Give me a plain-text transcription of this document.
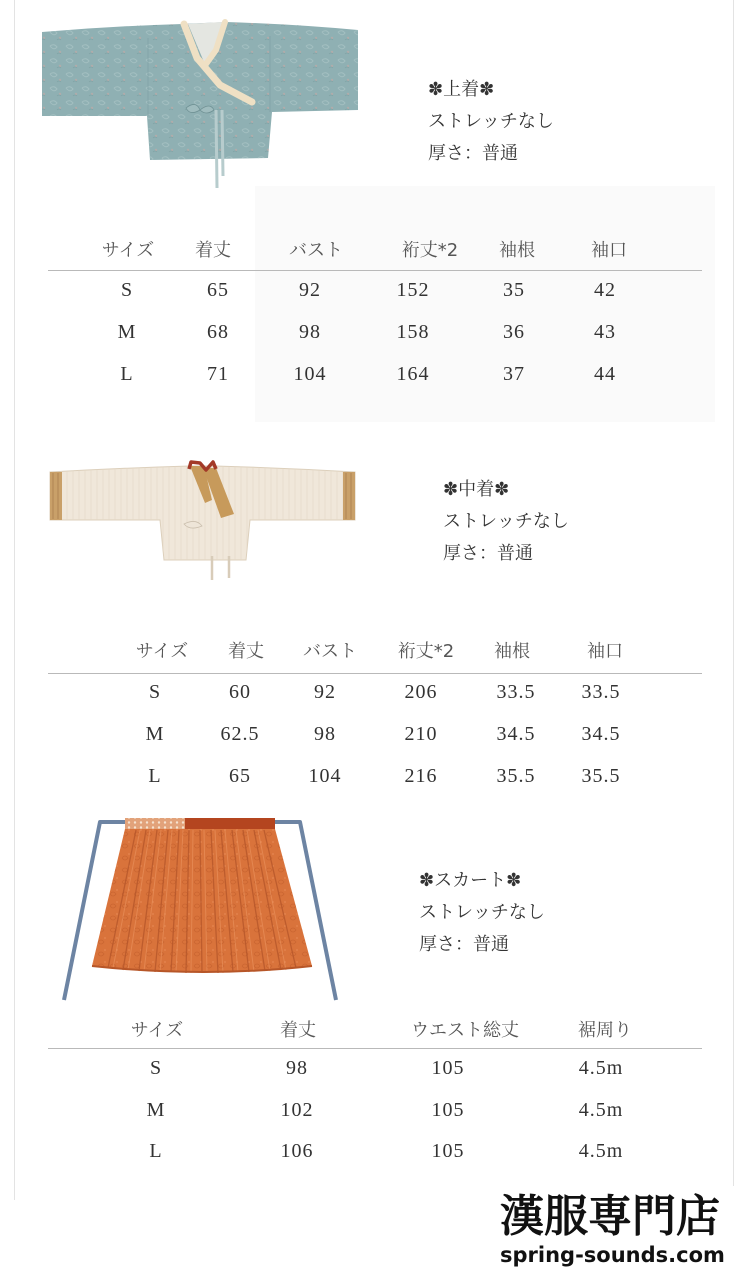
✽上着✽
ストレッチなし
厚さ：普通
サイズ 着丈	バスト	裄丈*2 袖根	袖口
S	65	92	152	35	42
M	68	98	158	36	43
L	71	104	164	37	44
✽中着✽
ストレッチなし
厚さ：普通
サイズ 着丈 バスト 裄丈*2 袖根	袖口
S	60	92	206	33.5 33.5
M	62.5	98	210	34.5 34.5
L	65	104	216	35.5 35.5
✽スカート✽
ストレッチなし
厚さ：普通
サイズ	着丈	ウエスト総丈	裾周り
S	98	105	4.5m
M	102	105	4.5m
L	106	105	4.5m
漢服専門店
spring-sounds.com
